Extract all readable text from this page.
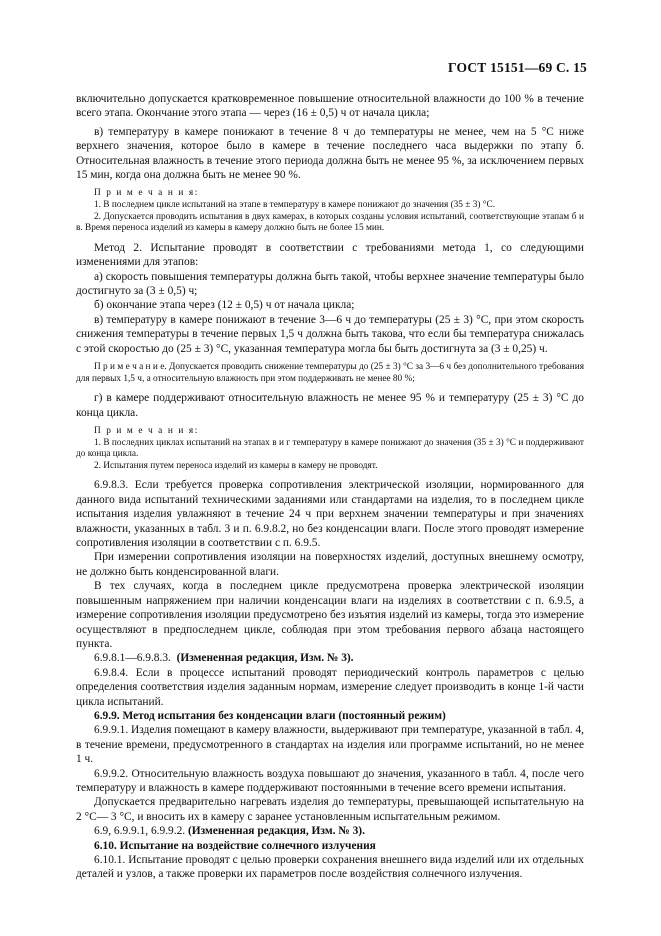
ГОСТ 15151—69 С. 15

включительно допускается кратковременное повышение относительной влажности до 100 % в течение всего этапа. Окончание этого этапа — через (16 ± 0,5) ч от начала цикла;

в) температуру в камере понижают в течение 8 ч до температуры не менее, чем на 5 °С ниже верхнего значения, которое было в камере в течение последнего часа выдержки по этапу б. Относительная влажность в течение этого периода должна быть не менее 95 %, за исключением первых 15 мин, когда она должна быть не менее 90 %.

П р и м е ч а н и я:

1. В последнем цикле испытаний на этапе в температуру в камере понижают до значения (35 ± 3) °С.

2. Допускается проводить испытания в двух камерах, в которых созданы условия испытаний, соответствующие этапам б и в. Время переноса изделий из камеры в камеру должно быть не более 15 мин.

Метод 2. Испытание проводят в соответствии с требованиями метода 1, со следующими изменениями для этапов:

а) скорость повышения температуры должна быть такой, чтобы верхнее значение температуры было достигнуто за (3 ± 0,5) ч;

б) окончание этапа через (12 ± 0,5) ч от начала цикла;

в) температуру в камере понижают в течение 3—6 ч до температуры (25 ± 3) °С, при этом скорость снижения температуры в течение первых 1,5 ч должна быть такова, что если бы температура снижалась с этой скоростью до (25 ± 3) °С, указанная температура могла бы быть достигнута за (3 ± 0,25) ч.

П р и м е ч а н и е. Допускается проводить снижение температуры до (25 ± 3) °С за 3—6 ч без дополнительного требования для первых 1,5 ч, а относительную влажность при этом поддерживать не менее 80 %;

г) в камере поддерживают относительную влажность не менее 95 % и температуру (25 ± 3) °С до конца цикла.

П р и м е ч а н и я:

1. В последних циклах испытаний на этапах в и г температуру в камере понижают до значения (35 ± 3) °С и поддерживают до конца цикла.

2. Испытания путем переноса изделий из камеры в камеру не проводят.

6.9.8.3. Если требуется проверка сопротивления электрической изоляции, нормированного для данного вида испытаний техническими заданиями или стандартами на изделия, то в последнем цикле испытания изделия увлажняют в течение 24 ч при верхнем значении температуры и при значениях влажности, указанных в табл. 3 и п. 6.9.8.2, но без конденсации влаги. После этого проводят измерение сопротивления изоляции в соответствии с п. 6.9.5.

При измерении сопротивления изоляции на поверхностях изделий, доступных внешнему осмотру, не должно быть конденсированной влаги.

В тех случаях, когда в последнем цикле предусмотрена проверка электрической изоляции повышенным напряжением при наличии конденсации влаги на изделиях в соответствии с п. 6.9.5, а измерение сопротивления изоляции предусмотрено без изъятия изделий из камеры, тогда это измерение осуществляют в предпоследнем цикле, соблюдая при этом требования первого абзаца настоящего пункта.

6.9.8.1—6.9.8.3. (Измененная редакция, Изм. № 3).

6.9.8.4. Если в процессе испытаний проводят периодический контроль параметров с целью определения соответствия изделия заданным нормам, измерение следует производить в конце 1-й части цикла испытаний.

6.9.9. Метод испытания без конденсации влаги (постоянный режим)

6.9.9.1. Изделия помещают в камеру влажности, выдерживают при температуре, указанной в табл. 4, в течение времени, предусмотренного в стандартах на изделия или программе испытаний, но не менее 1 ч.

6.9.9.2. Относительную влажность воздуха повышают до значения, указанного в табл. 4, после чего температуру и влажность в камере поддерживают постоянными в течение всего времени испытания.

Допускается предварительно нагревать изделия до температуры, превышающей испытательную на 2 °С— 3 °С, и вносить их в камеру с заранее установленным испытательным режимом.

6.9, 6.9.9.1, 6.9.9.2. (Измененная редакция, Изм. № 3).

6.10. Испытание на воздействие солнечного излучения

6.10.1. Испытание проводят с целью проверки сохранения внешнего вида изделий или их отдельных деталей и узлов, а также проверки их параметров после воздействия солнечного излучения.
